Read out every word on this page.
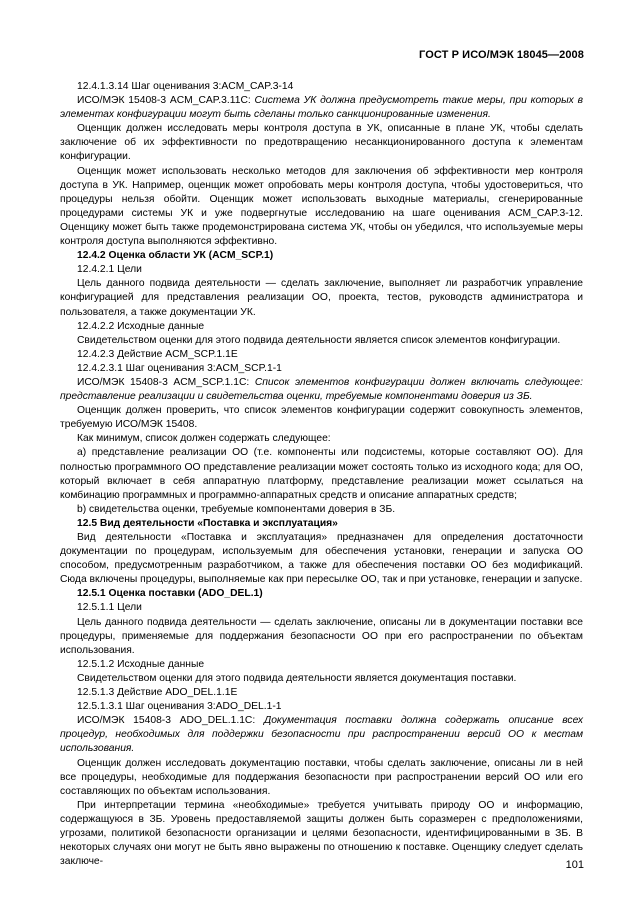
ГОСТ Р ИСО/МЭК 18045—2008

12.4.1.3.14 Шаг оценивания 3:ACM_CAP.3-14

ИСО/МЭК 15408-3 ACM_CAP.3.11С: Система УК должна предусмотреть такие меры, при которых в элементах конфигурации могут быть сделаны только санкционированные изменения.

Оценщик должен исследовать меры контроля доступа в УК, описанные в плане УК, чтобы сделать заключение об их эффективности по предотвращению несанкционированного доступа к элементам конфигурации.

Оценщик может использовать несколько методов для заключения об эффективности мер контроля доступа в УК. Например, оценщик может опробовать меры контроля доступа, чтобы удостовериться, что процедуры нельзя обойти. Оценщик может использовать выходные материалы, сгенерированные процедурами системы УК и уже подвергнутые исследованию на шаге оценивания ACM_CAP.3-12. Оценщику может быть также продемонстрирована система УК, чтобы он убедился, что используемые меры контроля доступа выполняются эффективно.

12.4.2 Оценка области УК (ACM_SCP.1)

12.4.2.1 Цели

Цель данного подвида деятельности — сделать заключение, выполняет ли разработчик управление конфигурацией для представления реализации ОО, проекта, тестов, руководств администратора и пользователя, а также документации УК.

12.4.2.2 Исходные данные

Свидетельством оценки для этого подвида деятельности является список элементов конфигурации.

12.4.2.3 Действие ACM_SCP.1.1E

12.4.2.3.1 Шаг оценивания 3:ACM_SCP.1-1

ИСО/МЭК 15408-3 ACM_SCP.1.1С: Список элементов конфигурации должен включать следующее: представление реализации и свидетельства оценки, требуемые компонентами доверия из ЗБ.

Оценщик должен проверить, что список элементов конфигурации содержит совокупность элементов, требуемую ИСО/МЭК 15408.

Как минимум, список должен содержать следующее:

а) представление реализации ОО (т.е. компоненты или подсистемы, которые составляют ОО). Для полностью программного ОО представление реализации может состоять только из исходного кода; для ОО, который включает в себя аппаратную платформу, представление реализации может ссылаться на комбинацию программных и программно-аппаратных средств и описание аппаратных средств;

b) свидетельства оценки, требуемые компонентами доверия в ЗБ.

12.5 Вид деятельности «Поставка и эксплуатация»

Вид деятельности «Поставка и эксплуатация» предназначен для определения достаточности документации по процедурам, используемым для обеспечения установки, генерации и запуска ОО способом, предусмотренным разработчиком, а также для обеспечения поставки ОО без модификаций. Сюда включены процедуры, выполняемые как при пересылке ОО, так и при установке, генерации и запуске.

12.5.1 Оценка поставки (ADO_DEL.1)

12.5.1.1 Цели

Цель данного подвида деятельности — сделать заключение, описаны ли в документации поставки все процедуры, применяемые для поддержания безопасности ОО при его распространении по объектам использования.

12.5.1.2 Исходные данные

Свидетельством оценки для этого подвида деятельности является документация поставки.

12.5.1.3 Действие ADO_DEL.1.1E

12.5.1.3.1 Шаг оценивания 3:ADO_DEL.1-1

ИСО/МЭК 15408-3 ADO_DEL.1.1С: Документация поставки должна содержать описание всех процедур, необходимых для поддержки безопасности при распространении версий ОО к местам использования.

Оценщик должен исследовать документацию поставки, чтобы сделать заключение, описаны ли в ней все процедуры, необходимые для поддержания безопасности при распространении версий ОО или его составляющих по объектам использования.

При интерпретации термина «необходимые» требуется учитывать природу ОО и информацию, содержащуюся в ЗБ. Уровень предоставляемой защиты должен быть соразмерен с предположениями, угрозами, политикой безопасности организации и целями безопасности, идентифицированными в ЗБ. В некоторых случаях они могут не быть явно выражены по отношению к поставке. Оценщику следует сделать заключе-	101
